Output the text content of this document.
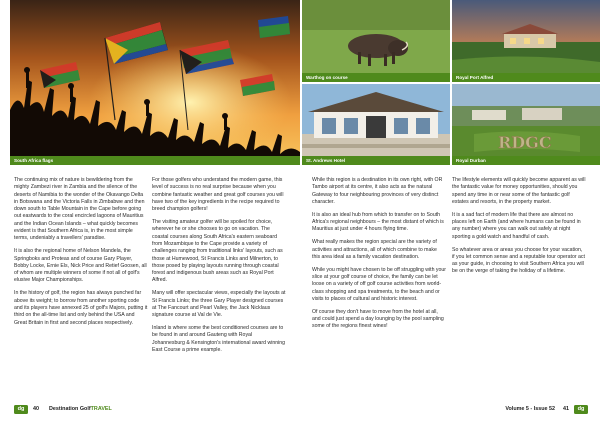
South Africa flags
Warthog on course	Royal Port Alfred
St. Andrews Hotel
RDGC
Royal Durban

The continuing mix of nature is bewildering from the mighty Zambezi river in Zambia and the silence of the deserts of Namibia to the wonder of the Okavango Delta in Botswana and the Victoria Falls in Zimbabwe and then down south to Table Mountain in the Cape before going out eastwards to the coral encircled lagoons of Mauritius and the Indian Ocean Islands – what quickly becomes evident is that Southern Africa is, in the most simple terms, undeniably a travellers' paradise.

It is also the regional home of Nelson Mandela, the Springboks and Proteas and of course Gary Player, Bobby Locke, Ernie Els, Nick Price and Retief Goosen, all of whom are multiple winners of some if not all of golf's elusive Major Championships.

In the history of golf, the region has always punched far above its weight; to borrow from another sporting code and its players have annexed 25 of golf's Majors, putting it third on the all-time list and only behind the USA and Great Britain in first and second places respectively.

For those golfers who understand the modern game, this level of success is no real surprise because when you combine fantastic weather and great golf courses you will have two of the key ingredients in the recipe required to breed champion golfers!

The visiting amateur golfer will be spoiled for choice, wherever he or she chooses to go on vacation. The coastal courses along South Africa's eastern seaboard from Mozambique to the Cape provide a variety of challenges ranging from traditional links' layouts, such as those at Humewood, St Francis Links and Milnerton, to those posed by playing layouts running through coastal forest and indigenous bush areas such as Royal Port Alfred.

Many will offer spectacular views, especially the layouts at St Francis Links; the three Gary Player designed courses at The Fancourt and Pearl Valley, the Jack Nicklaus signature course at Val de Vie.

Inland is where some the best conditioned courses are to be found in and around Gauteng with Royal Johannesburg & Kensington's international award winning East Course a prime example.

While this region is a destination in its own right, with OR Tambo airport at its centre, it also acts as the natural Gateway to four neighbouring provinces of very distinct character.

It is also an ideal hub from which to transfer on to South Africa's regional neighbours – the most distant of which is Mauritius at just under 4 hours flying time.

What really makes the region special are the variety of activities and attractions, all of which combine to make this area ideal as a family vacation destination.

While you might have chosen to be off struggling with your slice at your golf course of choice, the family can be let loose on a variety of off golf course activities from world-class shopping and spa treatments, to the beach and or visits to places of cultural and historic interest.

Of course they don't have to move from the hotel at all, and could just spend a day lounging by the pool sampling some of the regions finest wines!

The lifestyle elements will quickly become apparent as will the fantastic value for money opportunities, should you spend any time in or near some of the fantastic golf estates and resorts, in the property market.

It is a sad fact of modern life that there are almost no places left on Earth (and where humans can be found in any number) where you can walk out safely at night sporting a gold watch and handful of cash.

So whatever area or areas you choose for your vacation, if you let common sense and a reputable tour operator act as your guide, in choosing to visit Southern Africa you will be on the verge of taking the holiday of a lifetime.

dg	40 Destination Golf TRAVEL	Volume 5 - Issue 52 41	dg
